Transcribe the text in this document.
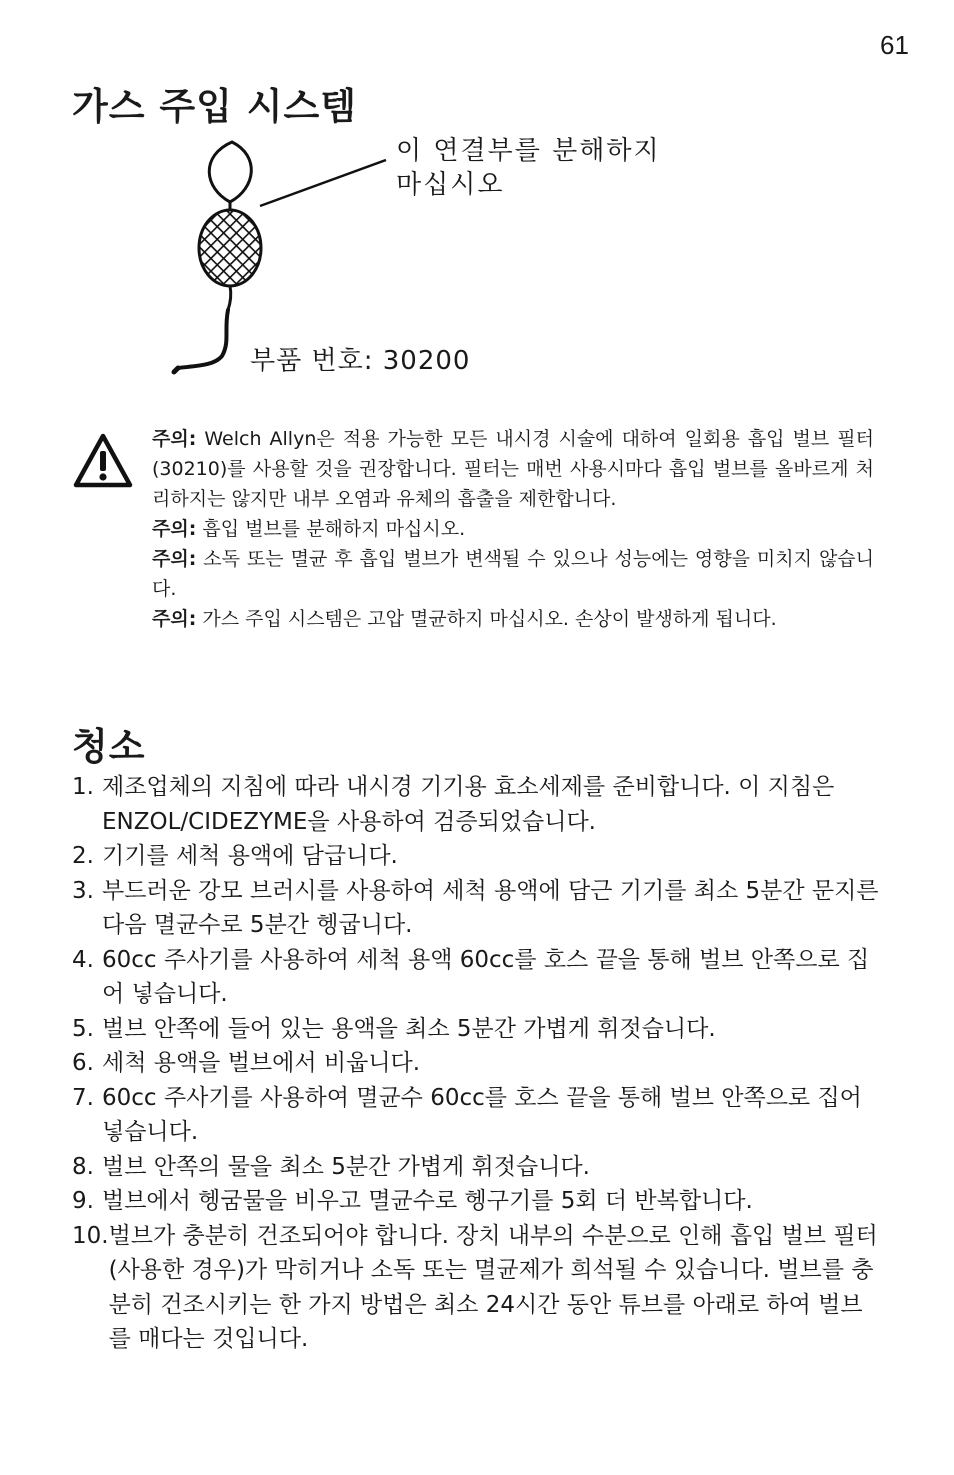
61
가스 주입 시스템

이 연결부를 분해하지
마십시오

부품 번호: 30200
주의: Welch Allyn은 적용 가능한 모든 내시경 시술에 대하여 일회용 흡입 벌브 필터(30210)를 사용할 것을 권장합니다. 필터는 매번 사용시마다 흡입 벌브를 올바르게 처리하지는 않지만 내부 오염과 유체의 흡출을 제한합니다.
주의: 흡입 벌브를 분해하지 마십시오.
주의: 소독 또는 멸균 후 흡입 벌브가 변색될 수 있으나 성능에는 영향을 미치지 않습니다.
주의: 가스 주입 시스템은 고압 멸균하지 마십시오. 손상이 발생하게 됩니다.
청소
1. 제조업체의 지침에 따라 내시경 기기용 효소세제를 준비합니다. 이 지침은 ENZOL/CIDEZYME을 사용하여 검증되었습니다.
2. 기기를 세척 용액에 담급니다.
3. 부드러운 강모 브러시를 사용하여 세척 용액에 담근 기기를 최소 5분간 문지른 다음 멸균수로 5분간 헹굽니다.
4. 60cc 주사기를 사용하여 세척 용액 60cc를 호스 끝을 통해 벌브 안쪽으로 집어 넣습니다.
5. 벌브 안쪽에 들어 있는 용액을 최소 5분간 가볍게 휘젓습니다.
6. 세척 용액을 벌브에서 비웁니다.
7. 60cc 주사기를 사용하여 멸균수 60cc를 호스 끝을 통해 벌브 안쪽으로 집어 넣습니다.
8. 벌브 안쪽의 물을 최소 5분간 가볍게 휘젓습니다.
9. 벌브에서 헹굼물을 비우고 멸균수로 헹구기를 5회 더 반복합니다.
10. 벌브가 충분히 건조되어야 합니다. 장치 내부의 수분으로 인해 흡입 벌브 필터(사용한 경우)가 막히거나 소독 또는 멸균제가 희석될 수 있습니다. 벌브를 충분히 건조시키는 한 가지 방법은 최소 24시간 동안 튜브를 아래로 하여 벌브를 매다는 것입니다.
